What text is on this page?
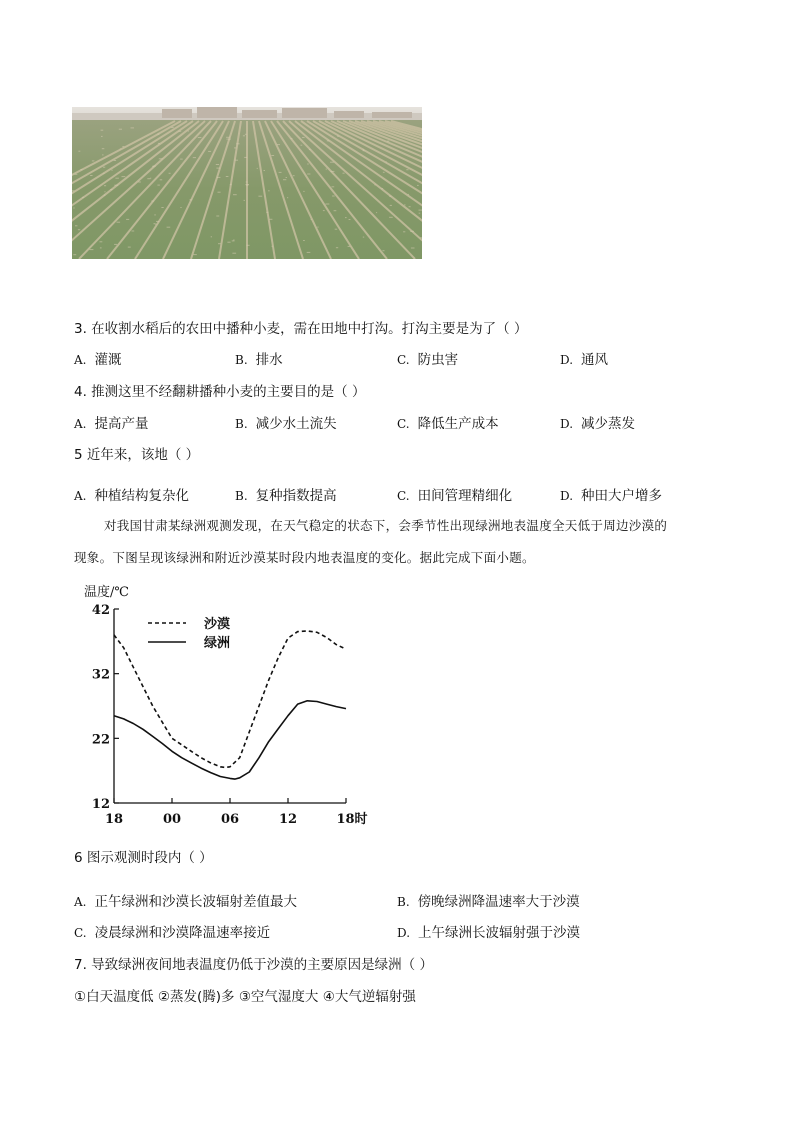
3. 在收割水稻后的农田中播种小麦，需在田地中打沟。打沟主要是为了（ ）
A. 灌溉	B. 排水	C. 防虫害	D. 通风
4. 推测这里不经翻耕播种小麦的主要目的是（ ）
A. 提高产量	B. 减少水土流失	C. 降低生产成本	D. 减少蒸发
5 近年来，该地（ ）
A. 种植结构复杂化	B. 复种指数提高	C. 田间管理精细化	D. 种田大户增多
对我国甘肃某绿洲观测发现，在天气稳定的状态下，会季节性出现绿洲地表温度全天低于周边沙漠的
现象。下图呈现该绿洲和附近沙漠某时段内地表温度的变化。据此完成下面小题。
温度/℃
12
22
32
42
18	00	06	12	18时
沙漠
绿洲
6 图示观测时段内（ ）
A. 正午绿洲和沙漠长波辐射差值最大	B. 傍晚绿洲降温速率大于沙漠
C. 凌晨绿洲和沙漠降温速率接近	D. 上午绿洲长波辐射强于沙漠
7. 导致绿洲夜间地表温度仍低于沙漠的主要原因是绿洲（ ）
①白天温度低 ②蒸发(腾)多 ③空气湿度大 ④大气逆辐射强
